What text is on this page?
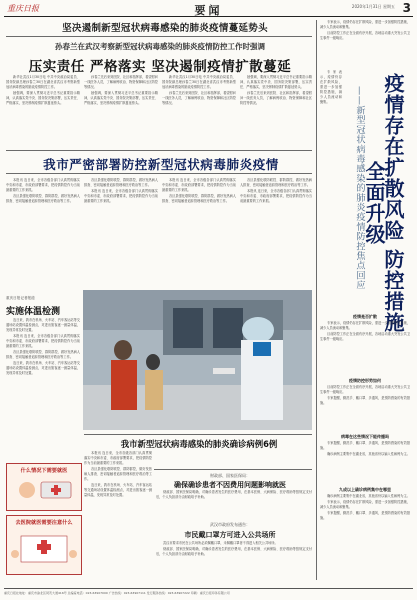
重庆日报	要闻	2020年1月31日 星期五 3
坚决遏制新型冠状病毒感染的肺炎疫情蔓延势头
孙春兰在武汉考察新型冠状病毒感染的肺炎疫情防控工作时强调
压实责任 严格落实 坚决遏制疫情扩散蔓延

新华社武汉1月30日电 中共中央政治局委员、国务院副总理孙春兰30日在湖北省武汉市考察新型冠状病毒感染的肺炎疫情防控工作。

她强调，要深入贯彻习近平总书记重要指示精神，认真落实党中央、国务院决策部署，压实责任、严格落实，坚决遏制疫情扩散蔓延势头。

孙春兰先后来到医院、社区和指挥部，看望慰问一线医务人员，了解病例收治、物资保障和社区防控等情况。

她强调，要深入贯彻习近平总书记重要指示精神，认真落实党中央、国务院决策部署，压实责任、严格落实，坚决遏制疫情扩散蔓延势头。

新华社武汉1月30日电 中共中央政治局委员、国务院副总理孙春兰30日在湖北省武汉市考察新型冠状病毒感染的肺炎疫情防控工作。

孙春兰先后来到医院、社区和指挥部，看望慰问一线医务人员，了解病例收治、物资保障和社区防控等情况。

她强调，要深入贯彻习近平总书记重要指示精神，认真落实党中央、国务院决策部署，压实责任、严格落实，坚决遏制疫情扩散蔓延势头。

孙春兰先后来到医院、社区和指挥部，看望慰问一线医务人员，了解病例收治、物资保障和社区防控等情况。

我市严密部署防控新型冠状病毒肺炎疫情

本报讯 连日来，全市各级各部门认真贯彻落实中央和市委、市政府部署要求，把疫情防控作为当前最重要的工作来抓。

各区县强化联防联控、群防群控，做好发热病人排查、密切接触者追踪管理和医疗救治等工作。

各区县强化联防联控、群防群控，做好发热病人排查、密切接触者追踪管理和医疗救治等工作。

本报讯 连日来，全市各级各部门认真贯彻落实中央和市委、市政府部署要求，把疫情防控作为当前最重要的工作来抓。

本报讯 连日来，全市各级各部门认真贯彻落实中央和市委、市政府部署要求，把疫情防控作为当前最重要的工作来抓。

各区县强化联防联控、群防群控，做好发热病人排查、密切接触者追踪管理和医疗救治等工作。

各区县强化联防联控、群防群控，做好发热病人排查、密切接触者追踪管理和医疗救治等工作。

本报讯 连日来，全市各级各部门认真贯彻落实中央和市委、市政府部署要求，把疫情防控作为当前最重要的工作来抓。

重庆日报记者报道
实施体温检测

连日来，我市在机场、火车站、汽车客运站等交通场站设置体温检测点，对进出旅客逐一测量体温，发现异常及时处置。

本报讯 连日来，全市各级各部门认真贯彻落实中央和市委、市政府部署要求，把疫情防控作为当前最重要的工作来抓。

各区县强化联防联控、群防群控，做好发热病人排查、密切接触者追踪管理和医疗救治等工作。

连日来，我市在机场、火车站、汽车客运站等交通场站设置体温检测点，对进出旅客逐一测量体温，发现异常及时处置。

我市新型冠状病毒感染的肺炎确诊病例6例

本报讯 连日来，全市各级各部门认真贯彻落实中央和市委、市政府部署要求，把疫情防控作为当前最重要的工作来抓。

各区县强化联防联控、群防群控，做好发热病人排查、密切接触者追踪管理和医疗救治等工作。

连日来，我市在机场、火车站、汽车客运站等交通场站设置体温检测点，对进出旅客逐一测量体温，发现异常及时处置。

财政部、国家医保局：
确保确诊患者不因费用问题影响就医

财政部、国家医保局明确，对确诊患者发生的医疗费用，在基本医保、大病保险、医疗救助等按规定支付后，个人负担部分由财政给予补助。

武汉市政府发布通告：
市民戴口罩方可进入公共场所

武汉市要求市民在公共场所必须佩戴口罩，未佩戴口罩者不得进入相关公共场所。

财政部、国家医保局明确，对确诊患者发生的医疗费用，在基本医保、大病保险、医疗救助等按规定支付后，个人负担部分由财政给予补助。

什么情况下需要就医
去医院就医需要注意什么

专家表示，疫情仍存在扩散风险，需进一步加强防控措施，减少人员流动和聚集。

目前防控工作正在全面有序开展，各地启动重大突发公共卫生事件一级响应。

疫情存在扩散风险 防控措施全面升级
——新型冠状病毒感染的肺炎疫情防控焦点回应

专家表示，疫情仍存在扩散风险，需进一步加强防控措施，减少人员流动和聚集。

疫情是否扩散

专家表示，疫情仍存在扩散风险，需进一步加强防控措施，减少人员流动和聚集。

目前防控工作正在全面有序开展，各地启动重大突发公共卫生事件一级响应。

疫情防控形势如何

目前防控工作正在全面有序开展，各地启动重大突发公共卫生事件一级响应。

专家提醒，勤洗手、戴口罩、多通风，是预防感染的有效措施。

病毒在这些情况下能传播吗

专家提醒，勤洗手、戴口罩、多通风，是预防感染的有效措施。

确诊病例主要集中在湖北省，其他省份以输入性病例为主。

九成以上确诊病例集中在哪里

确诊病例主要集中在湖北省，其他省份以输入性病例为主。

专家表示，疫情仍存在扩散风险，需进一步加强防控措施，减少人员流动和聚集。

专家提醒，勤洗手、戴口罩、多通风，是预防感染的有效措施。

重庆日报社地址：重庆市渝北区同茂大道416号 总编室电话：023-63907000 广告热线：023-63907111 发行服务热线：023-63907222 印刷：重庆日报印务有限公司
